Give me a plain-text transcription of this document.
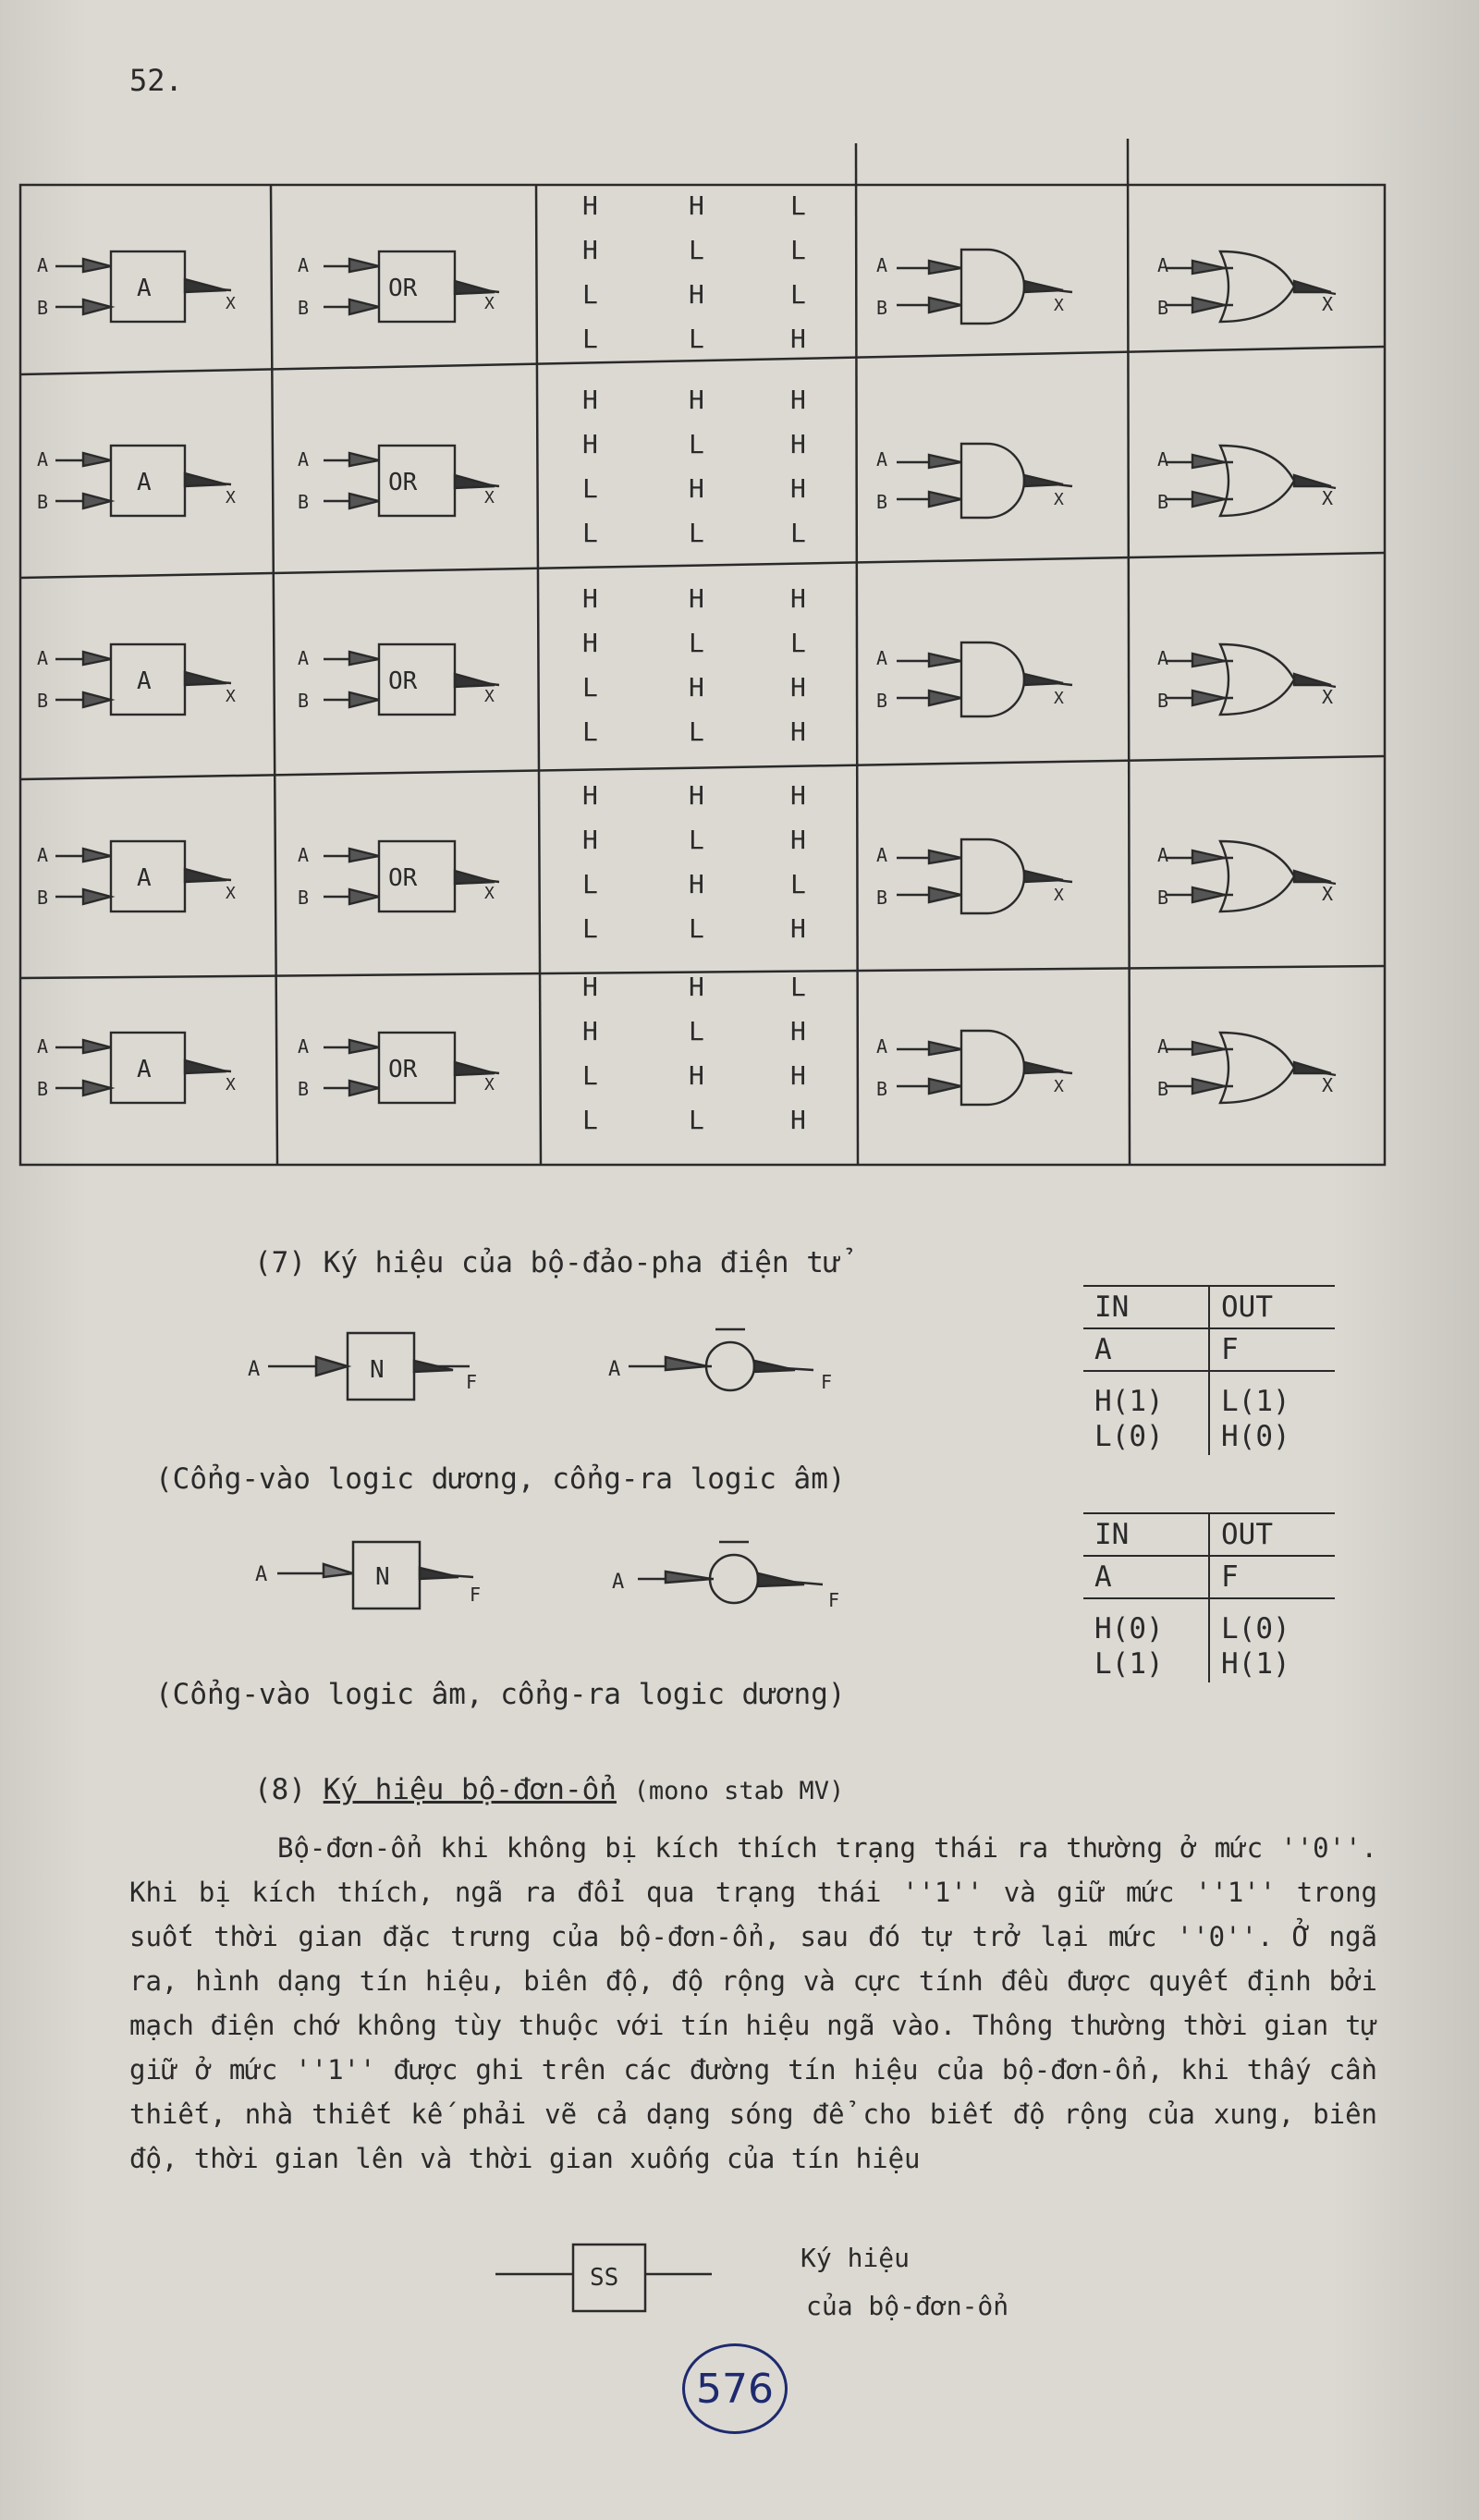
52.
A
B
A
X
A
B
OR
X
A
B	X
A
B	X
H	H	L
H	L	L
L	H	L
L	L	H
A
B
A
X
A
B
OR
X
A
B	X
A
B	X
H	H	H
H	L	H
L	H	H
L	L	L
A
B
A
X
A
B
OR
X
A
B	X
A
B	X
H	H	H
H	L	L
L	H	H
L	L	H
A
B
A
X
A
B
OR
X
A
B	X
A
B	X
H	H	H
H	L	H
L	H	L
L	L	H
A
B
A
X
A
B
OR
X
A
B	X
A
B	X
H	H	L
H	L	H
L	H	H
L	L	H
(7) Ký hiệu của bộ-đảo-pha điện tử
A	N	F
A
F
A	N
F
A
F
(Cổng-vào logic dương, cổng-ra logic âm)
(Cổng-vào logic âm, cổng-ra logic dương)
IN	OUT
A	F
H(1)	L(1)
L(0)	H(0)
IN	OUT
A	F
H(0)	L(0)
L(1)	H(1)
(8) Ký hiệu bộ-đơn-ổn (mono stab MV)

Bộ-đơn-ổn khi không bị kích thích trạng thái ra thường ở mức ''0''. Khi bị kích thích, ngã ra đổi qua trạng thái ''1'' và giữ mức ''1'' trong suốt thời gian đặc trưng của bộ-đơn-ổn, sau đó tự trở lại mức ''0''. Ở ngã ra, hình dạng tín hiệu, biên độ, độ rộng và cực tính đều được quyết định bởi mạch điện chớ không tùy thuộc với tín hiệu ngã vào. Thông thường thời gian tự giữ ở mức ''1'' được ghi trên các đường tín hiệu của bộ-đơn-ổn, khi thấy cần thiết, nhà thiết kế phải vẽ cả dạng sóng để cho biết độ rộng của xung, biên độ, thời gian lên và thời gian xuống của tín hiệu

SS
Ký hiệu
của bộ-đơn-ổn
576
